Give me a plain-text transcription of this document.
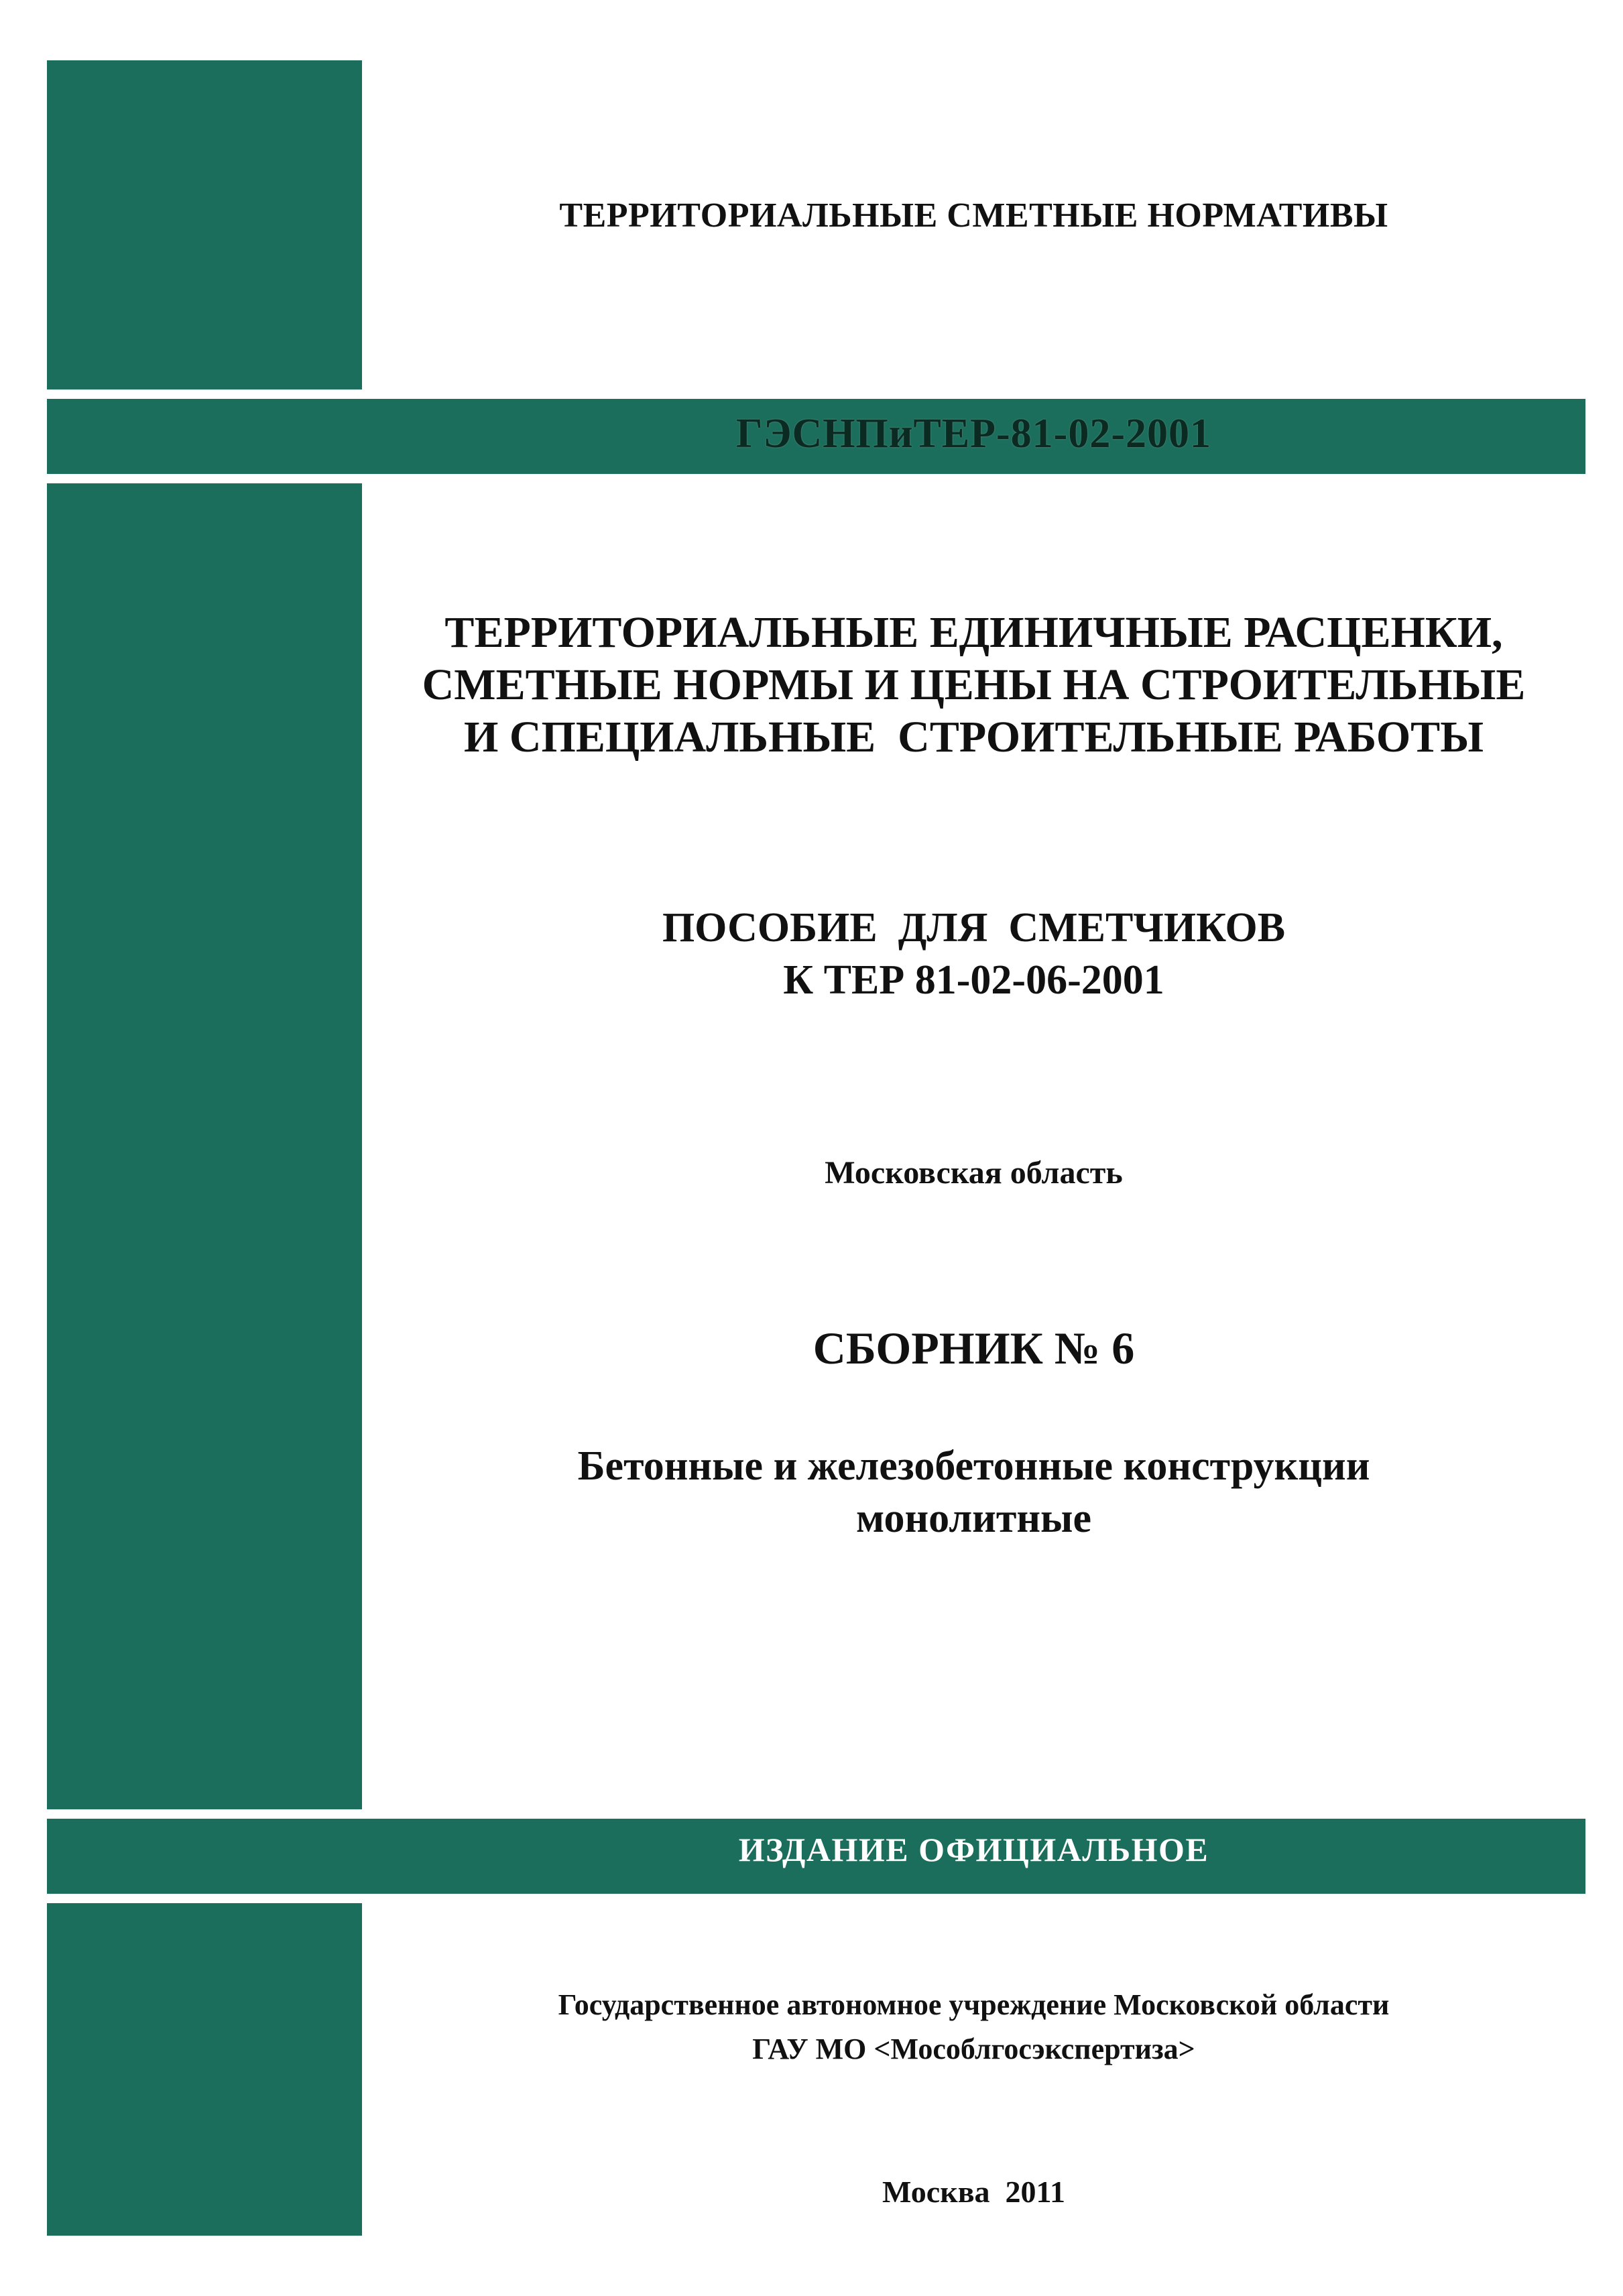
ТЕРРИТОРИАЛЬНЫЕ СМЕТНЫЕ НОРМАТИВЫ

ГЭСНПиТЕР-81-02-2001

ТЕРРИТОРИАЛЬНЫЕ ЕДИНИЧНЫЕ РАСЦЕНКИ,
СМЕТНЫЕ НОРМЫ И ЦЕНЫ НА СТРОИТЕЛЬНЫЕ
И СПЕЦИАЛЬНЫЕ  СТРОИТЕЛЬНЫЕ РАБОТЫ
ПОСОБИЕ  ДЛЯ  СМЕТЧИКОВ
К ТЕР 81-02-06-2001

Московская область

СБОРНИК № 6

Бетонные и железобетонные конструкции
монолитные

ИЗДАНИЕ ОФИЦИАЛЬНОЕ

Государственное автономное учреждение Московской области
ГАУ МО <Мособлгосэкспертиза>

Москва  2011
